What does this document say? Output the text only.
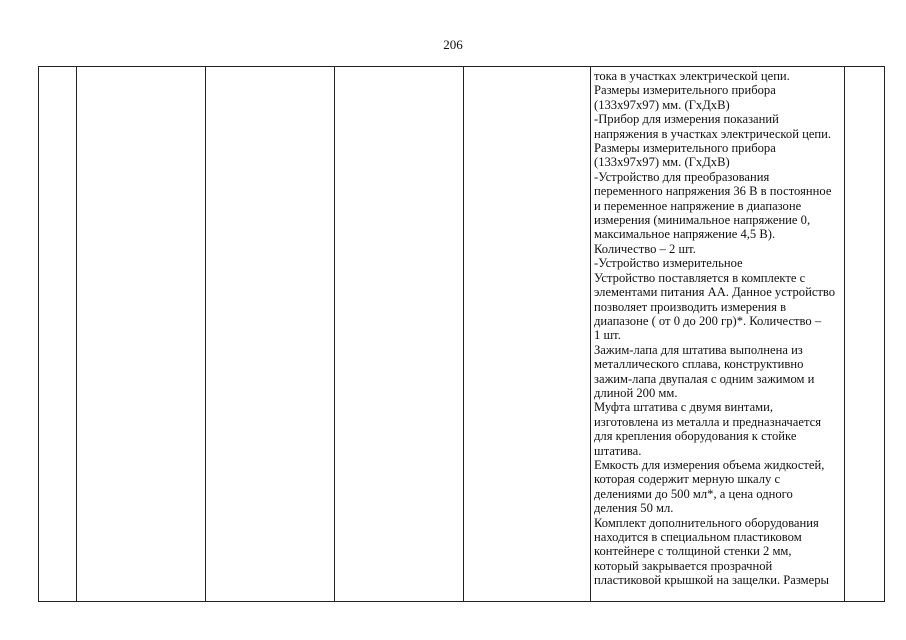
206

тока в участках электрической цепи.
Размеры измерительного прибора
(133х97х97) мм. (ГхДхВ)
-Прибор для измерения показаний
напряжения в участках электрической цепи.
Размеры измерительного прибора
(133х97х97) мм. (ГхДхВ)
-Устройство для преобразования
переменного напряжения 36 В в постоянное
и переменное напряжение в диапазоне
измерения (минимальное напряжение 0,
максимальное напряжение 4,5 В).
Количество – 2 шт.
-Устройство измерительное
Устройство поставляется в комплекте с
элементами питания АА. Данное устройство
позволяет производить измерения в
диапазоне ( от 0 до 200 гр)*. Количество –
1 шт.
Зажим-лапа для штатива выполнена из
металлического сплава, конструктивно
зажим-лапа двупалая с одним зажимом и
длиной 200 мм.
Муфта штатива с двумя винтами,
изготовлена из металла и предназначается
для крепления оборудования к стойке
штатива.
Емкость для измерения объема жидкостей,
которая содержит мерную шкалу с
делениями до 500 мл*, а цена одного
деления 50 мл.
Комплект дополнительного оборудования
находится в специальном пластиковом
контейнере с толщиной стенки 2 мм,
который закрывается прозрачной
пластиковой крышкой на защелки. Размеры
